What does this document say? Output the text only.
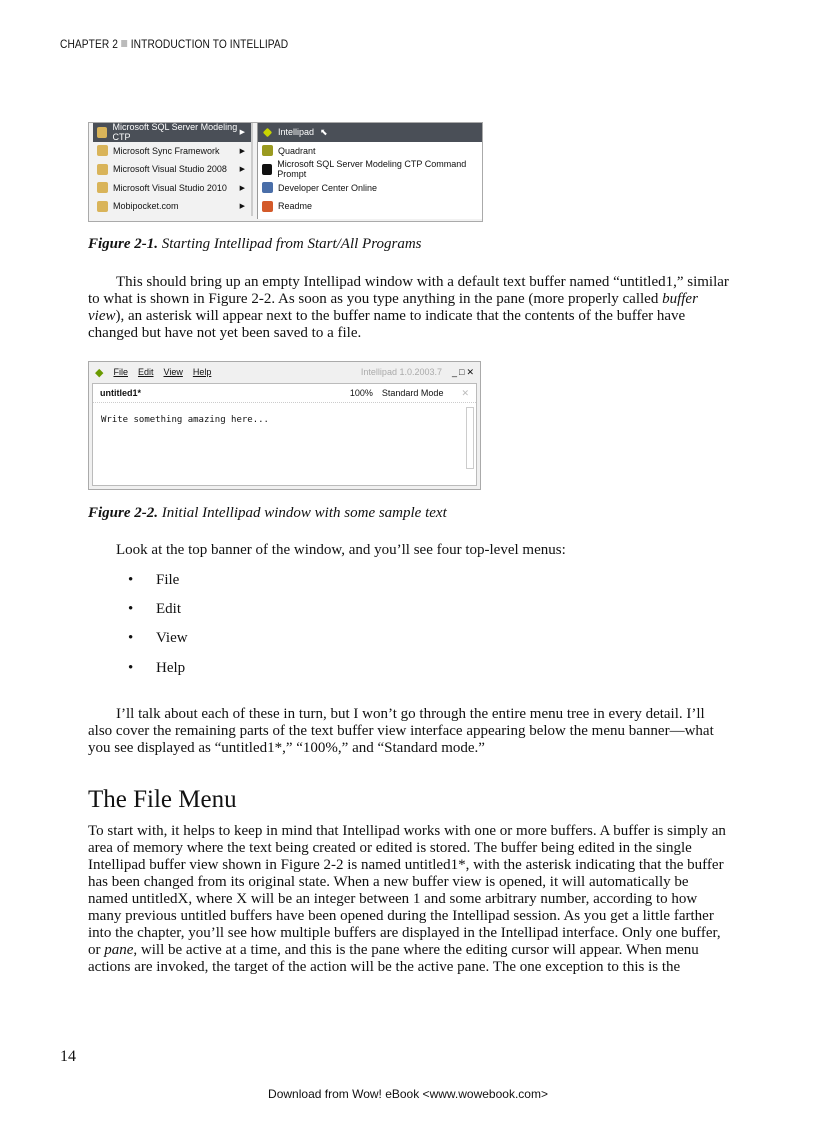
CHAPTER 2 INTRODUCTION TO INTELLIPAD
Microsoft SQL Server Modeling CTP	▶
Microsoft Sync Framework	▶
Microsoft Visual Studio 2008 ▶
Microsoft Visual Studio 2010 ▶
Mobipocket.com	▶
Intellipad ⬉
Quadrant
Microsoft SQL Server Modeling CTP Command Prompt
Developer Center Online
Readme
Figure 2-1. Starting Intellipad from Start/All Programs
This should bring up an empty Intellipad window with a default text buffer named “untitled1,” similar to what is shown in Figure 2-2. As soon as you type anything in the pane (more properly called buffer view), an asterisk will appear next to the buffer name to indicate that the contents of the buffer have changed but have not yet been saved to a file.
◆ File Edit View Help	Intellipad 1.0.2003.7 _ □ ✕
untitled1*	100% Standard Mode ✕
Write something amazing here...
Figure 2-2. Initial Intellipad window with some sample text
Look at the top banner of the window, and you’ll see four top-level menus:
• File
• Edit
• View
• Help
I’ll talk about each of these in turn, but I won’t go through the entire menu tree in every detail. I’ll also cover the remaining parts of the text buffer view interface appearing below the menu banner—what you see displayed as “untitled1*,” “100%,” and “Standard mode.”
The File Menu
To start with, it helps to keep in mind that Intellipad works with one or more buffers. A buffer is simply an area of memory where the text being created or edited is stored. The buffer being edited in the single Intellipad buffer view shown in Figure 2-2 is named untitled1*, with the asterisk indicating that the buffer has been changed from its original state. When a new buffer view is opened, it will automatically be named untitledX, where X will be an integer between 1 and some arbitrary number, according to how many previous untitled buffers have been opened during the Intellipad session. As you get a little farther into the chapter, you’ll see how multiple buffers are displayed in the Intellipad interface. Only one buffer, or pane, will be active at a time, and this is the pane where the editing cursor will appear. When menu actions are invoked, the target of the action will be the active pane. The one exception to this is the
14
Download from Wow! eBook <www.wowebook.com>
